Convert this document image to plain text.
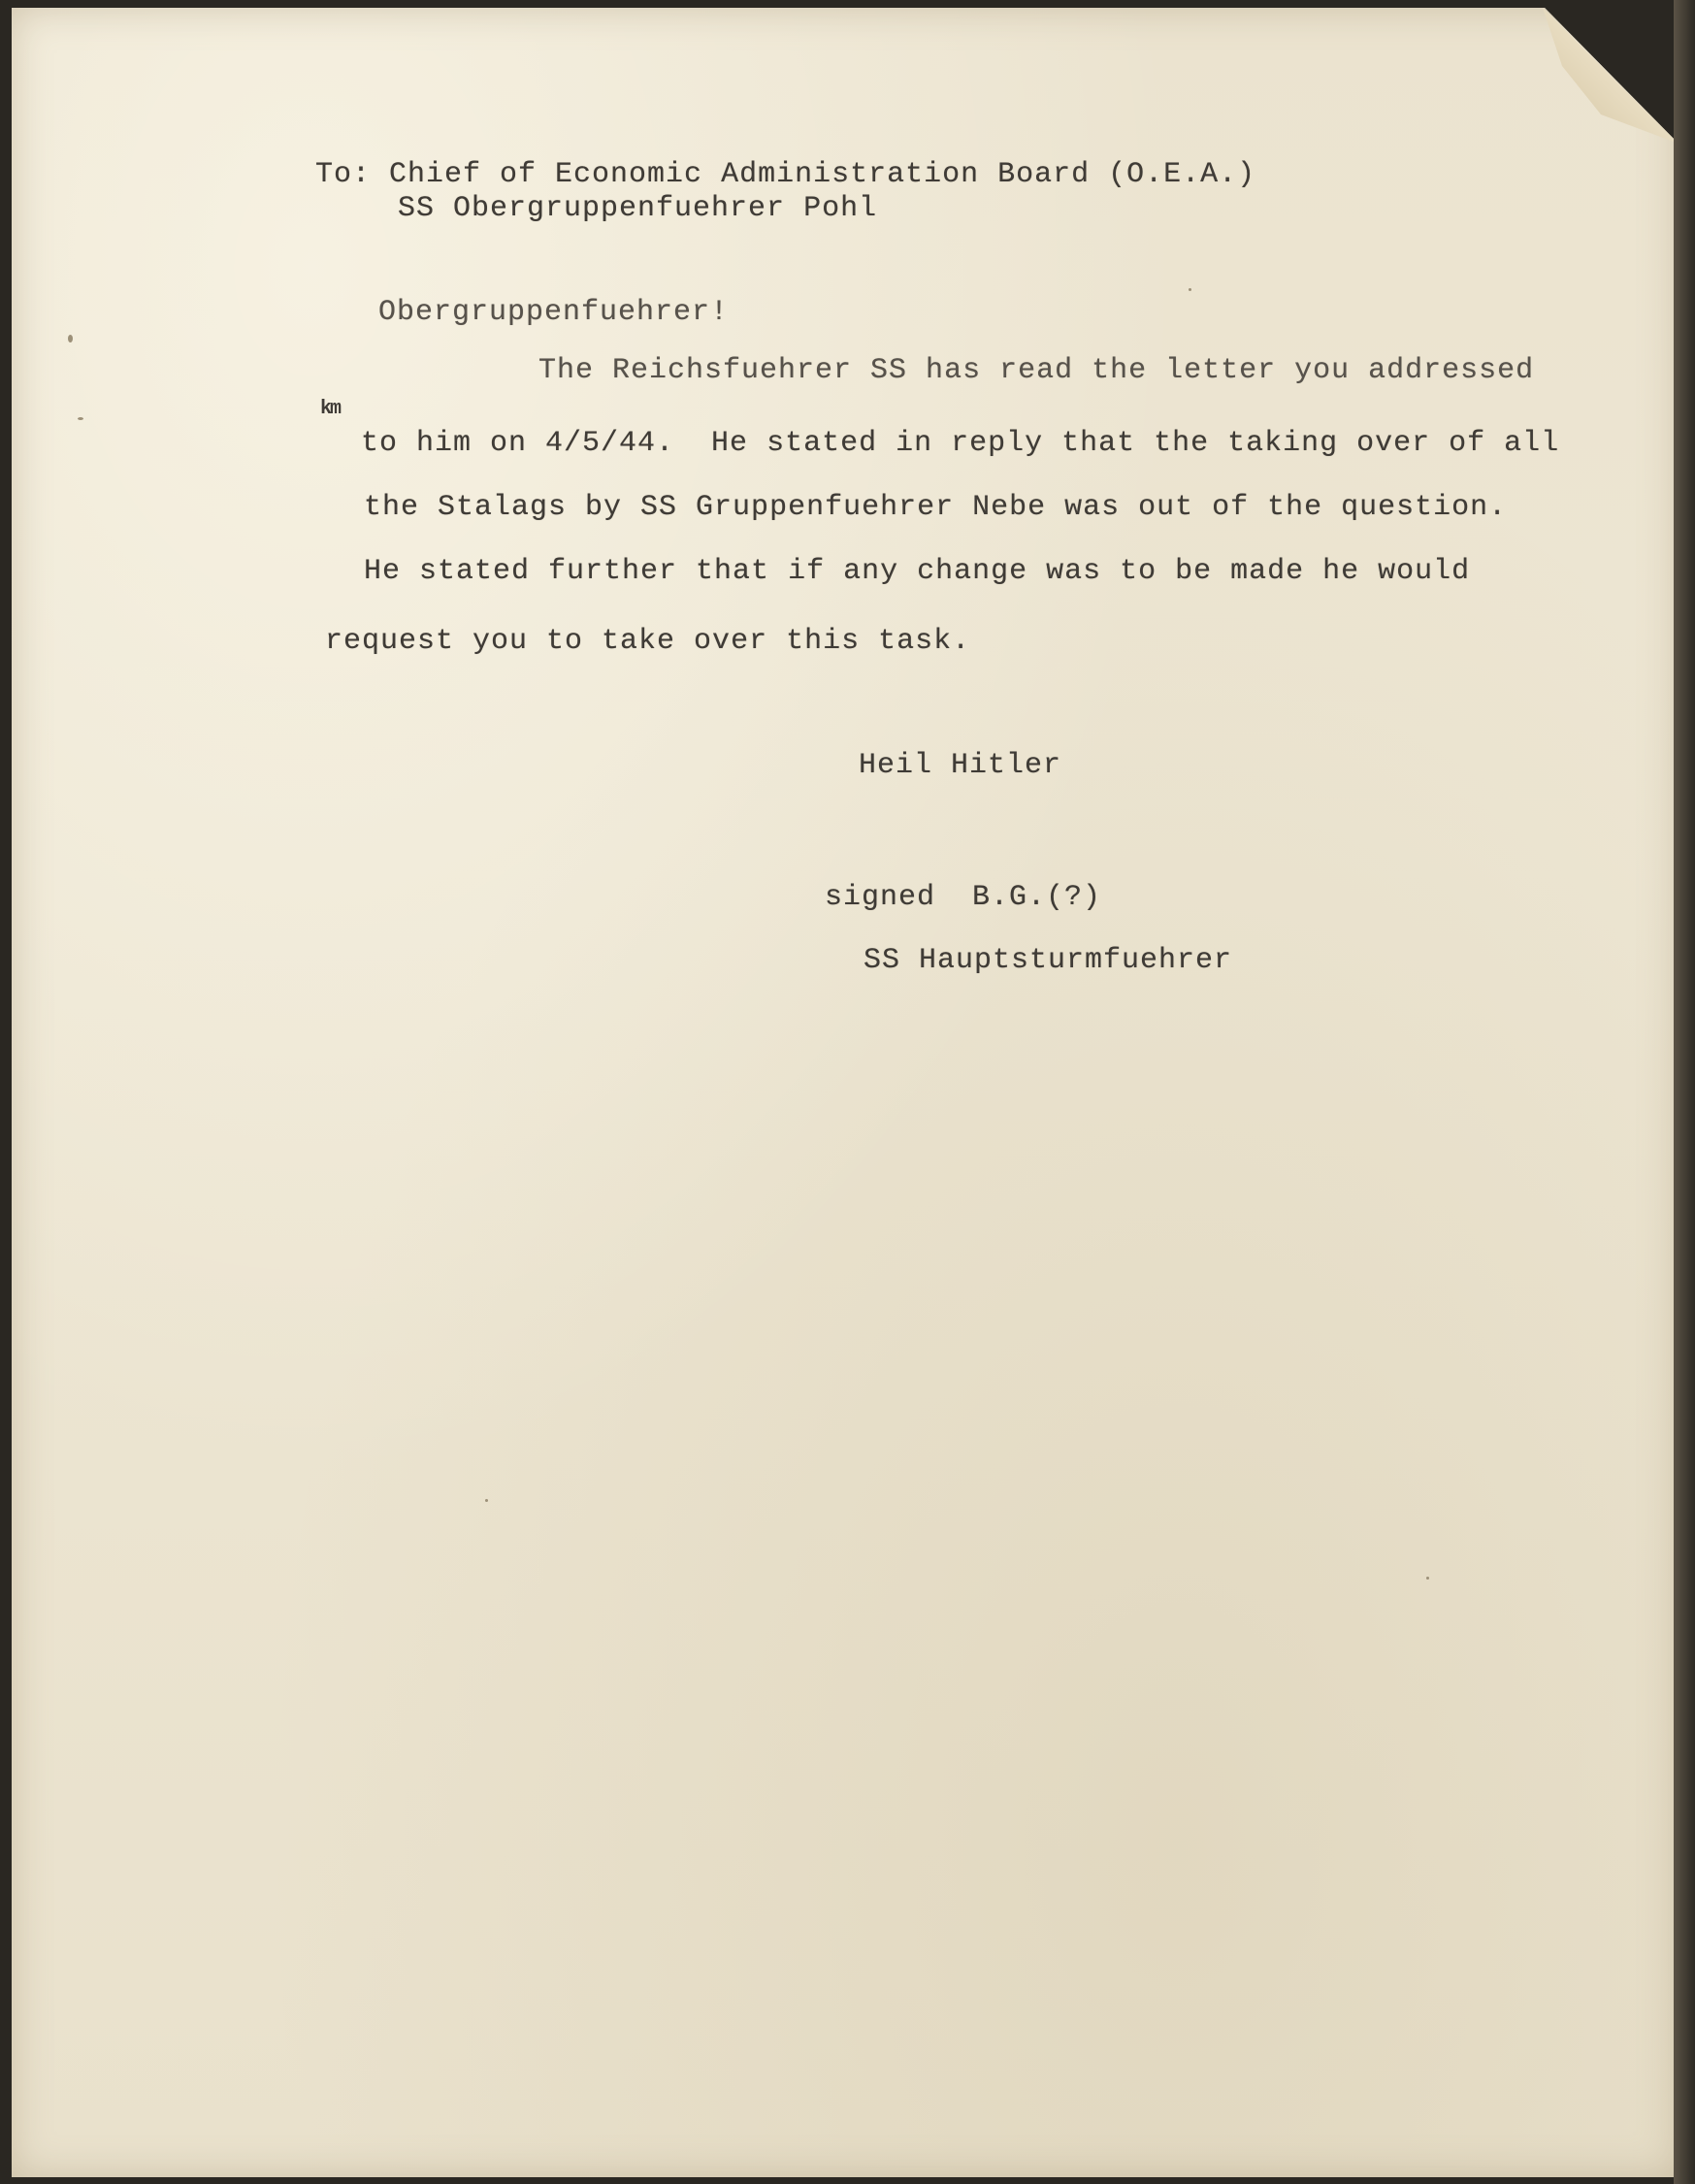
To: Chief of Economic Administration Board (O.E.A.)
SS Obergruppenfuehrer Pohl
Obergruppenfuehrer!
The Reichsfuehrer SS has read the letter you addressed
km
to him on 4/5/44.  He stated in reply that the taking over of all
the Stalags by SS Gruppenfuehrer Nebe was out of the question.
He stated further that if any change was to be made he would
request you to take over this task.
Heil Hitler
signed  B.G.(?)
SS Hauptsturmfuehrer
